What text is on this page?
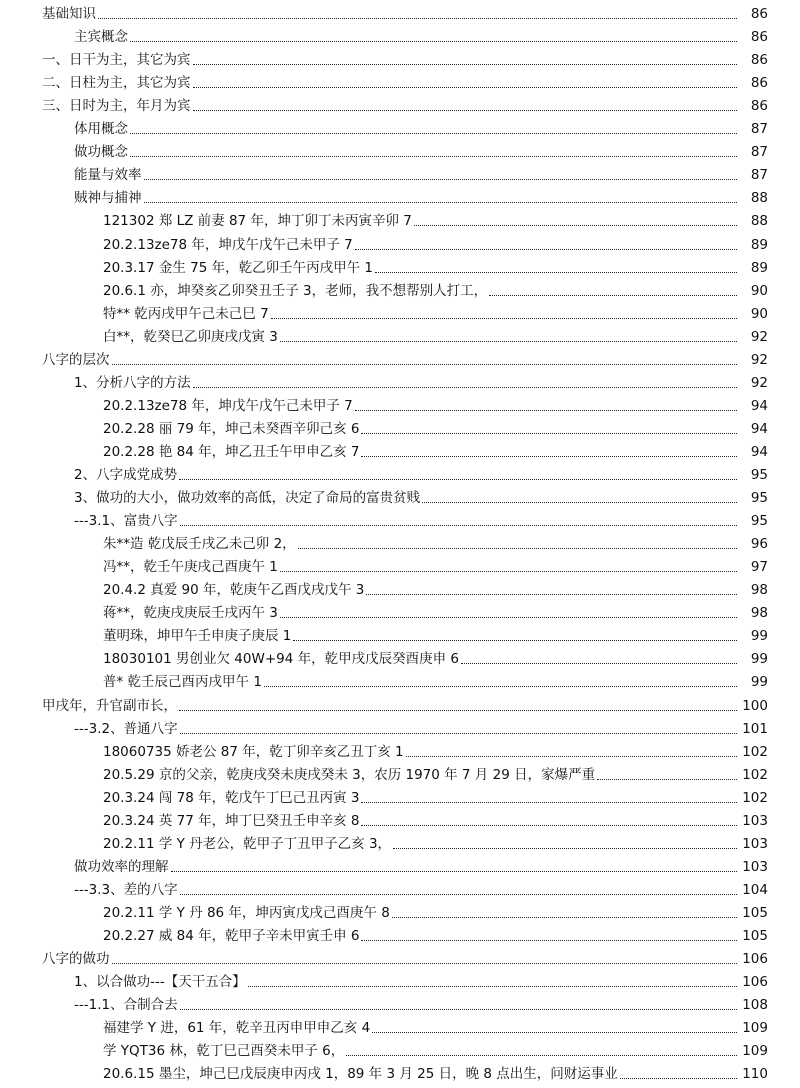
基础知识	86
主宾概念	86
一、日干为主，其它为宾	86
二、日柱为主，其它为宾	86
三、日时为主，年月为宾	86
体用概念	87
做功概念	87
能量与效率	87
贼神与捕神	88
121302 郑 LZ 前妻 87 年，坤丁卯丁未丙寅辛卯 7	88
20.2.13ze78 年，坤戊午戊午己未甲子 7	89
20.3.17 金生 75 年，乾乙卯壬午丙戌甲午 1	89
20.6.1 亦，坤癸亥乙卯癸丑壬子 3，老师，我不想帮别人打工，	90
特** 乾丙戌甲午己未己巳 7	90
白**，乾癸巳乙卯庚戌戊寅 3	92
八字的层次	92
1、分析八字的方法	92
20.2.13ze78 年，坤戊午戊午己未甲子 7	94
20.2.28 丽 79 年，坤己未癸酉辛卯己亥 6	94
20.2.28 艳 84 年，坤乙丑壬午甲申乙亥 7	94
2、八字成党成势	95
3、做功的大小，做功效率的高低，决定了命局的富贵贫贱	95
---3.1、富贵八字	95
朱**造 乾戊辰壬戌乙未己卯 2，	96
冯**，乾壬午庚戌己酉庚午 1	97
20.4.2 真爱 90 年，乾庚午乙酉戊戌戊午 3	98
蒋**，乾庚戌庚辰壬戌丙午 3	98
董明珠，坤甲午壬申庚子庚辰 1	99
18030101 男创业欠 40W+94 年，乾甲戌戊辰癸酉庚申 6	99
普* 乾壬辰己酉丙戌甲午 1	99
甲戌年，升官副市长，	100
---3.2、普通八字	101
18060735 娇老公 87 年，乾丁卯辛亥乙丑丁亥 1	102
20.5.29 京的父亲，乾庚戌癸未庚戌癸未 3，农历 1970 年 7 月 29 日，家爆严重	102
20.3.24 闯 78 年，乾戊午丁巳己丑丙寅 3	102
20.3.24 英 77 年，坤丁巳癸丑壬申辛亥 8	103
20.2.11 学 Y 丹老公，乾甲子丁丑甲子乙亥 3，	103
做功效率的理解	103
---3.3、差的八字	104
20.2.11 学 Y 丹 86 年，坤丙寅戊戌己酉庚午 8	105
20.2.27 威 84 年，乾甲子辛未甲寅壬申 6	105
八字的做功	106
1、以合做功---【天干五合】	106
---1.1、合制合去	108
福建学 Y 进，61 年，乾辛丑丙申甲申乙亥 4	109
学 YQT36 林，乾丁巳己酉癸未甲子 6，	109
20.6.15 墨尘，坤己巳戊辰庚申丙戌 1，89 年 3 月 25 日，晚 8 点出生，问财运事业	110
